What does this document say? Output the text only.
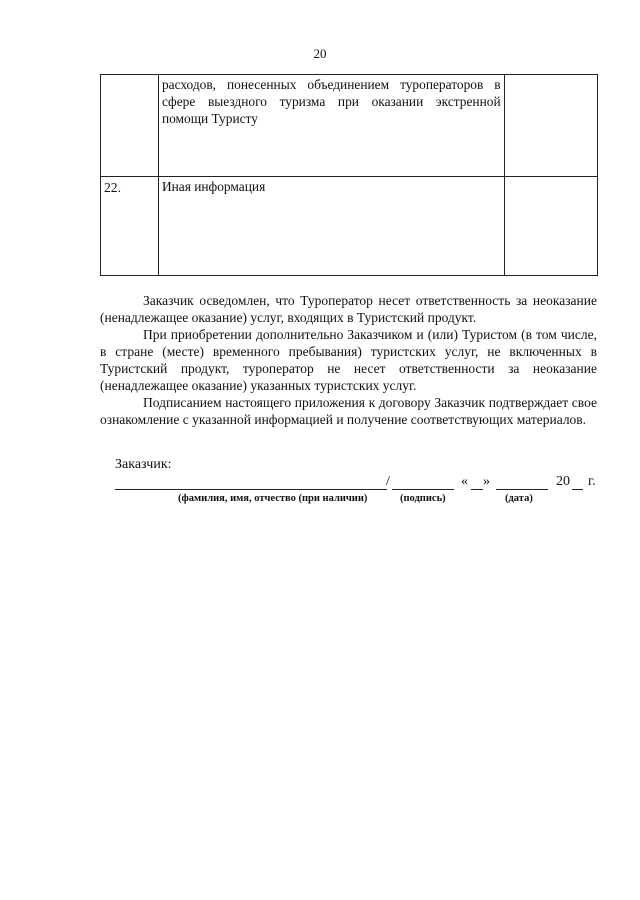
20
	расходов, понесенных объединением туроператоров в сфере выездного туризма при оказании экстренной помощи Туристу	
22.	Иная информация	

Заказчик осведомлен, что Туроператор несет ответственность за неоказание (ненадлежащее оказание) услуг, входящих в Туристский продукт.

При приобретении дополнительно Заказчиком и (или) Туристом (в том числе, в стране (месте) временного пребывания) туристских услуг, не включенных в Туристский продукт, туроператор не несет ответственности за неоказание (ненадлежащее оказание) указанных туристских услуг.

Подписанием настоящего приложения к договору Заказчик подтверждает свое ознакомление с указанной информацией и получение соответствующих материалов.

Заказчик:
/	« »	20 г.
(фамилия, имя, отчество (при наличии)	(подпись)	(дата)
